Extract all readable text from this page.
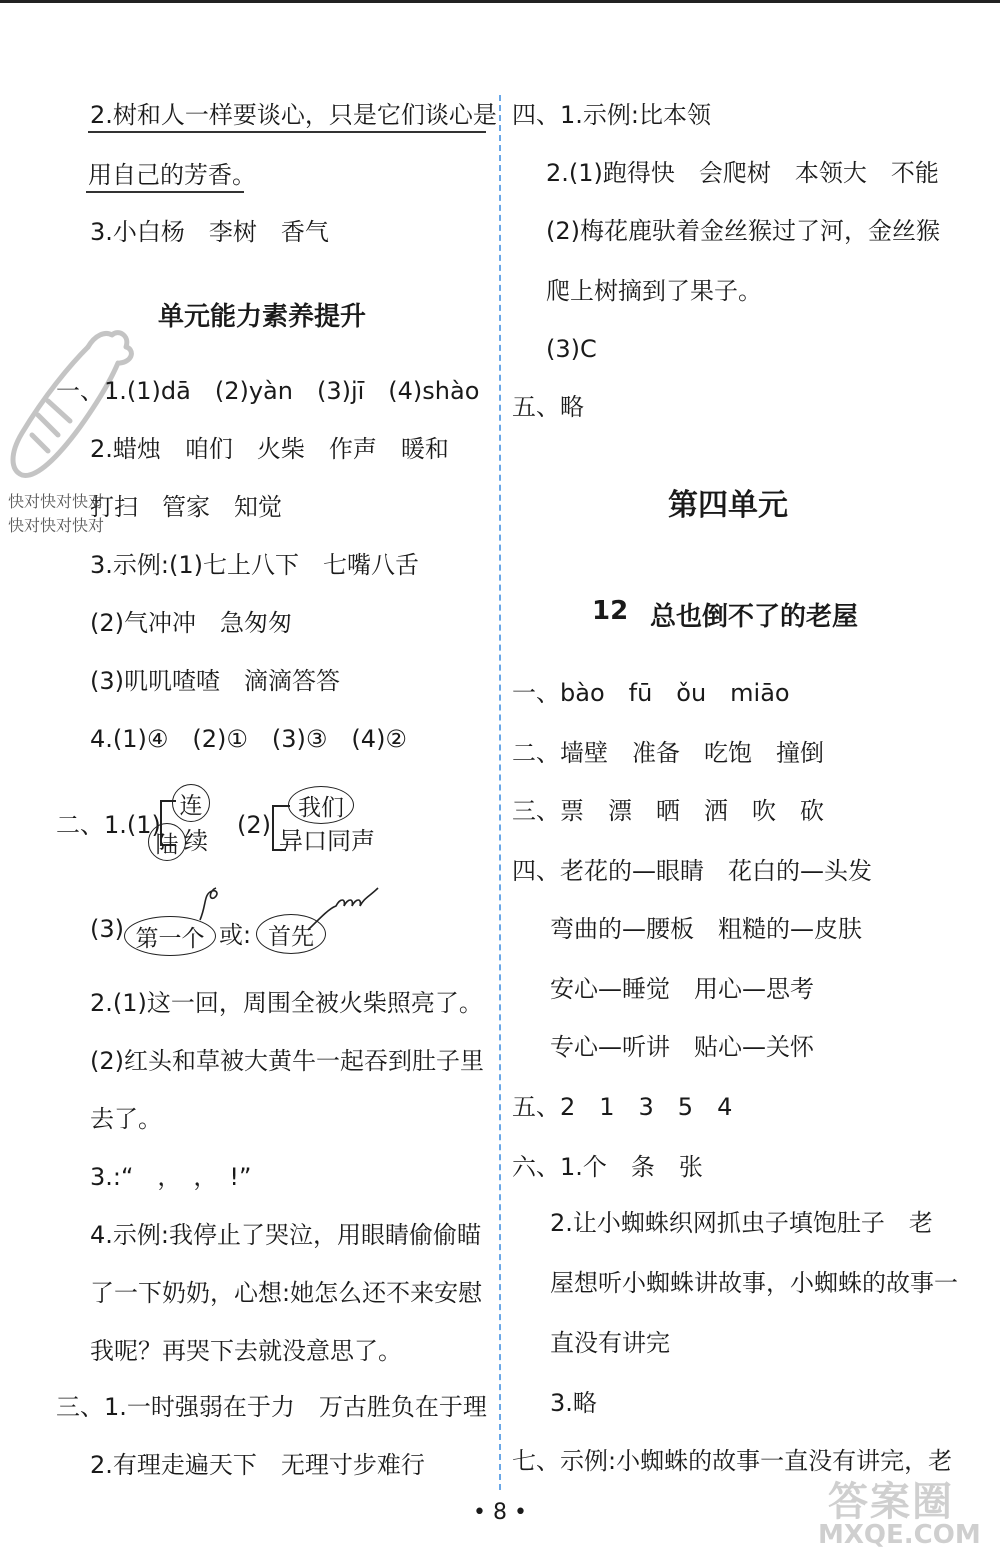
快对快对快对
快对快对快对
2.树和人一样要谈心，只是它们谈心是
用自己的芳香。
3.小白杨　李树　香气
单元能力素养提升
一、1.(1)dā　(2)yàn　(3)jī　(4)shào
2.蜡烛　咱们　火柴　作声　暖和
打扫　管家　知觉
3.示例:(1)七上八下　七嘴八舌
(2)气冲冲　急匆匆
(3)叽叽喳喳　滴滴答答
4.(1)④　(2)①　(3)③　(4)②
二、1.(1)
连
陆 续
(2)
我们
异口同声
(3) 第一个 或: 首先
2.(1)这一回，周围全被火柴照亮了。
(2)红头和草被大黄牛一起吞到肚子里
去了。
3.:“　，　，　!”
4.示例:我停止了哭泣，用眼睛偷偷瞄
了一下奶奶，心想:她怎么还不来安慰
我呢？再哭下去就没意思了。
三、1.一时强弱在于力　万古胜负在于理
2.有理走遍天下　无理寸步难行
四、1.示例:比本领
2.(1)跑得快　会爬树　本领大　不能
(2)梅花鹿驮着金丝猴过了河，金丝猴
爬上树摘到了果子。
(3)C
五、略
第四单元
12 总也倒不了的老屋
一、bào　fū　ǒu　miāo
二、墙壁　准备　吃饱　撞倒
三、票　漂　晒　洒　吹　砍
四、老花的—眼睛　花白的—头发
弯曲的—腰板　粗糙的—皮肤
安心—睡觉　用心—思考
专心—听讲　贴心—关怀
五、2　1　3　5　4
六、1.个　条　张
2.让小蜘蛛织网抓虫子填饱肚子　老
屋想听小蜘蛛讲故事，小蜘蛛的故事一
直没有讲完
3.略
七、示例:小蜘蛛的故事一直没有讲完，老
• 8 •	答案圈
MXQE.COM
